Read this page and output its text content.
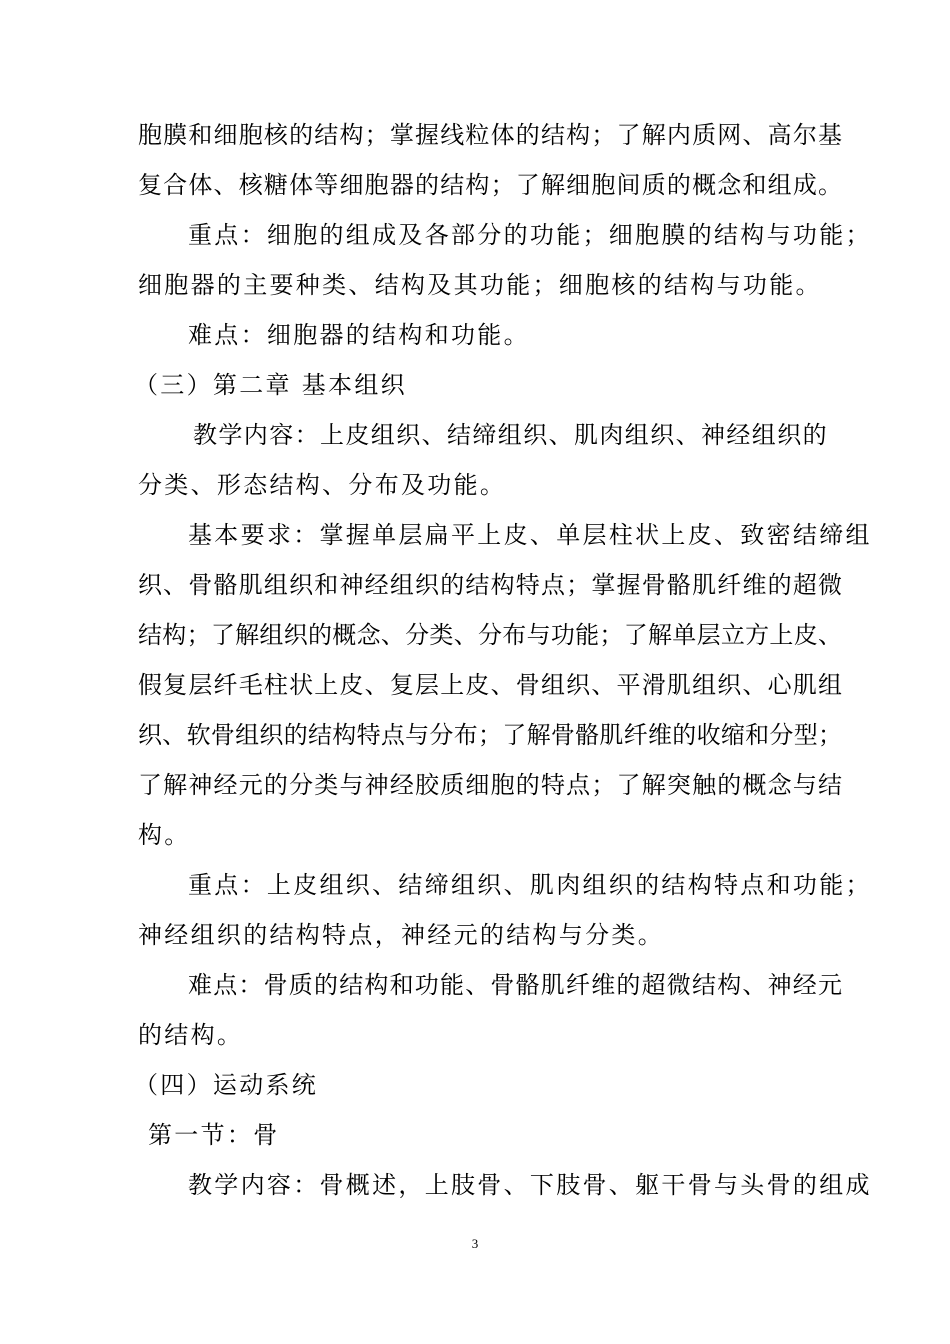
胞膜和细胞核的结构；掌握线粒体的结构；了解内质网、高尔基
复合体、核糖体等细胞器的结构；了解细胞间质的概念和组成。
重点：细胞的组成及各部分的功能；细胞膜的结构与功能；
细胞器的主要种类、结构及其功能；细胞核的结构与功能。
难点：细胞器的结构和功能。
（三）第二章 基本组织
教学内容：上皮组织、结缔组织、肌肉组织、神经组织的
分类、形态结构、分布及功能。
基本要求：掌握单层扁平上皮、单层柱状上皮、致密结缔组
织、骨骼肌组织和神经组织的结构特点；掌握骨骼肌纤维的超微
结构；了解组织的概念、分类、分布与功能；了解单层立方上皮、
假复层纤毛柱状上皮、复层上皮、骨组织、平滑肌组织、心肌组
织、软骨组织的结构特点与分布；了解骨骼肌纤维的收缩和分型；
了解神经元的分类与神经胶质细胞的特点；了解突触的概念与结
构。
重点：上皮组织、结缔组织、肌肉组织的结构特点和功能；
神经组织的结构特点，神经元的结构与分类。
难点：骨质的结构和功能、骨骼肌纤维的超微结构、神经元
的结构。
（四）运动系统
第一节：骨
教学内容：骨概述，上肢骨、下肢骨、躯干骨与头骨的组成
3
